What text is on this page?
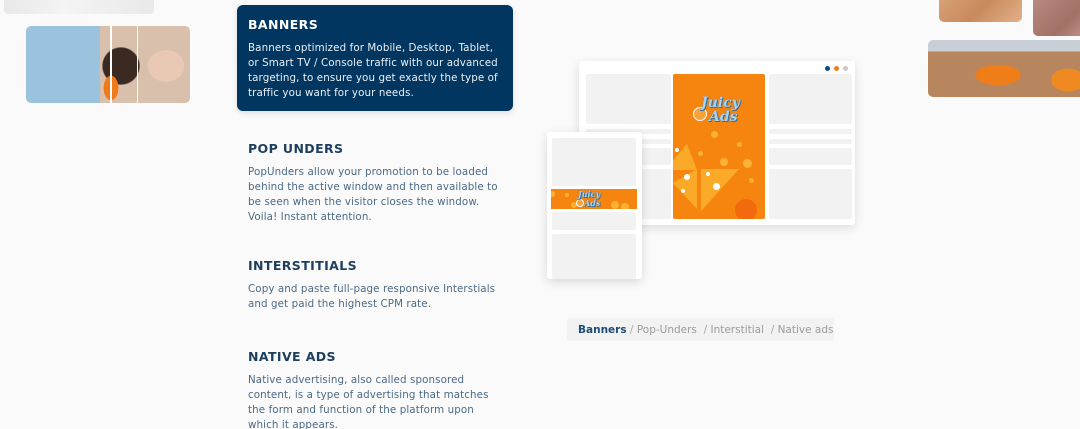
BANNERS
Banners optimized for Mobile, Desktop, Tablet, or Smart TV / Console traffic with our advanced targeting, to ensure you get exactly the type of traffic you want for your needs.
POP UNDERS
PopUnders allow your promotion to be loaded behind the active window and then available to be seen when the visitor closes the window. Voila! Instant attention.
INTERSTITIALS
Copy and paste full-page responsive Interstials and get paid the highest CPM rate.
NATIVE ADS
Native advertising, also called sponsored content, is a type of advertising that matches the form and function of the platform upon which it appears.
Juicy
Ads
Juicy
Ads
Banners / Pop-Unders / Interstitial / Native ads
